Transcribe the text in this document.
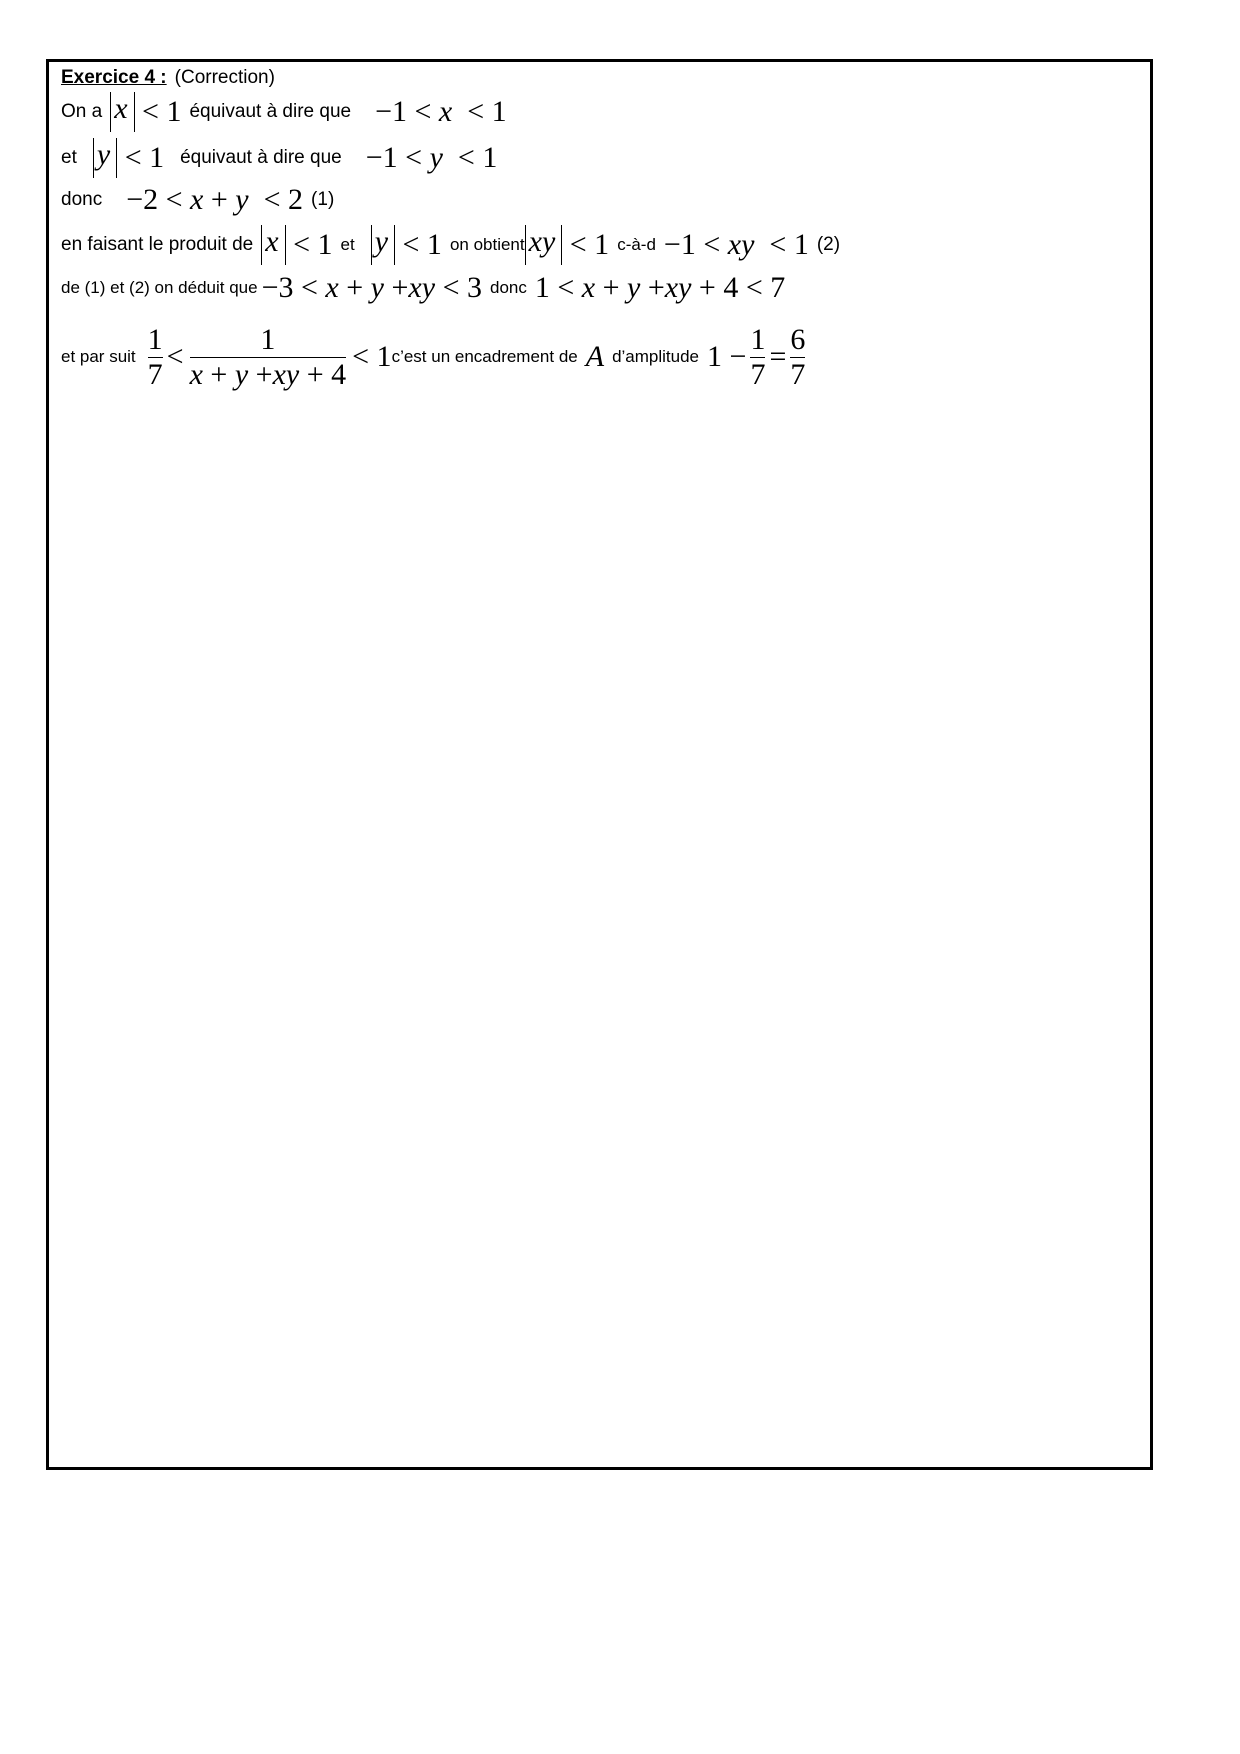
Exercice 4 : (Correction)
On a x
< 1 équivaut à dire que −1 <
x
< 1
et y
< 1 équivaut à dire que −1 <
y
< 1
donc −2 <
x
+
y
< 2 (1)
en faisant le produit de x
< 1 et y
< 1 on obtient xy
< 1 c-à-d −1 <
xy
< 1 (2)
de (1) et (2) on déduit que −3 <
x
+
y
+ xy
< 3 donc 1 <
x
+
y
+ xy
+ 4 < 7
et par suit $\frac{1}{7} < \frac{1}{x + y +xy + 4} < 1$ c’est un encadrement de A d’amplitude $1 - \frac{1}{7} = \frac{6}{7}$
